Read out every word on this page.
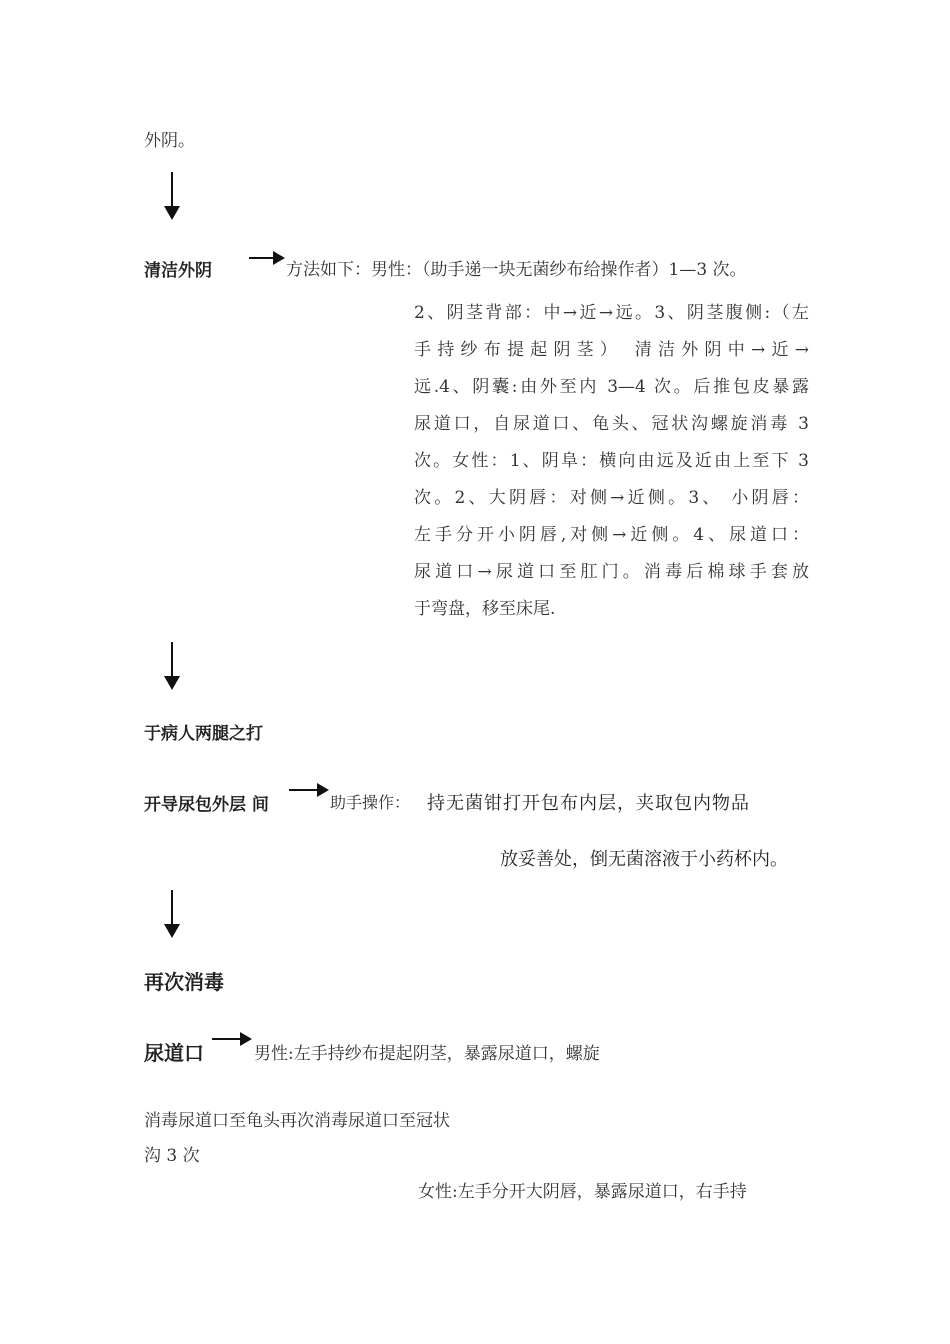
外阴。
清洁外阴	方法如下：男性：（助手递一块无菌纱布给操作者）1—3 次。
2、阴茎背部：中→近→远。3、阴茎腹侧:（左
手持纱布提起阴茎） 清洁外阴中→近→
远.4、阴囊:由外至内 3—4 次。后推包皮暴露
尿道口，自尿道口、龟头、冠状沟螺旋消毒 3
次。女性：1、阴阜：横向由远及近由上至下 3
次。2、大阴唇：对侧→近侧。3、 小阴唇：
左手分开小阴唇,对侧→近侧。4、尿道口：
尿道口→尿道口至肛门。消毒后棉球手套放
于弯盘，移至床尾.
于病人两腿之打
开导尿包外层 间	助手操作： 持无菌钳打开包布内层，夹取包内物品
放妥善处，倒无菌溶液于小药杯内。
再次消毒
尿道口	男性:左手持纱布提起阴茎，暴露尿道口，螺旋
消毒尿道口至龟头再次消毒尿道口至冠状
沟 3 次
女性:左手分开大阴唇，暴露尿道口，右手持
